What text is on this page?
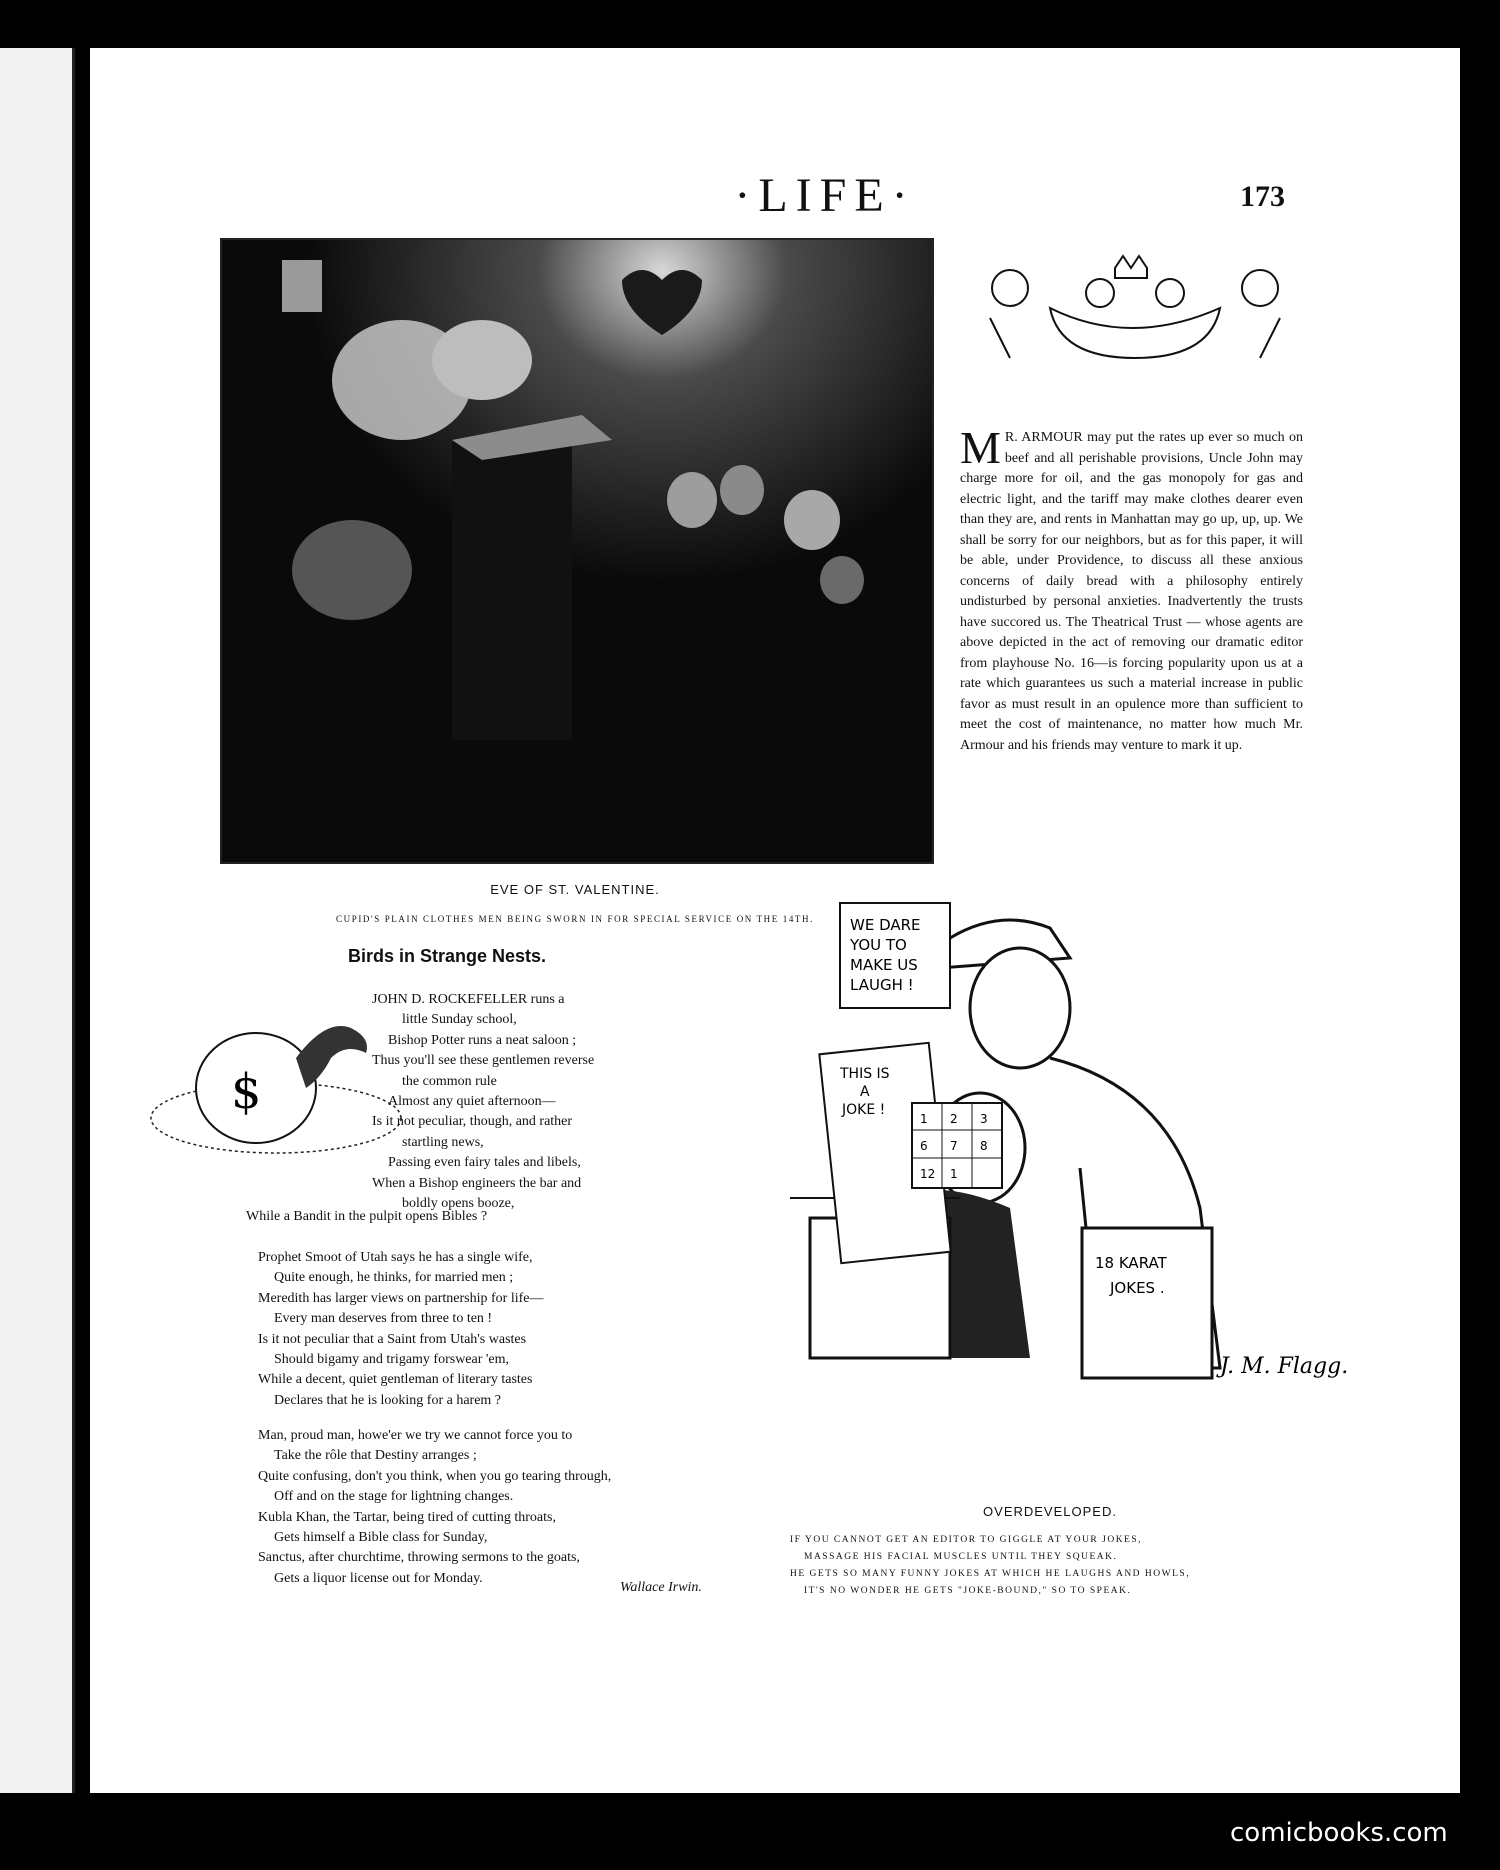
·LIFE·	173
EVE OF ST. VALENTINE.
CUPID'S PLAIN CLOTHES MEN BEING SWORN IN FOR SPECIAL SERVICE ON THE 14TH.
M R. ARMOUR may put the rates up ever so much on beef and all perishable provisions, Uncle John may charge more for oil, and the gas monopoly for gas and electric light, and the tariff may make clothes dearer even than they are, and rents in Manhattan may go up, up, up. We shall be sorry for our neighbors, but as for this paper, it will be able, under Providence, to discuss all these anxious concerns of daily bread with a philosophy entirely undisturbed by personal anxieties. Inadvertently the trusts have succored us. The Theatrical Trust — whose agents are above depicted in the act of removing our dramatic editor from playhouse No. 16—is forcing popularity upon us at a rate which guarantees us such a material increase in public favor as must result in an opulence more than sufficient to meet the cost of maintenance, no matter how much Mr. Armour and his friends may venture to mark it up.
Birds in Strange Nests.
$
JOHN D. ROCKEFELLER runs a
little Sunday school,
Bishop Potter runs a neat saloon ;
Thus you'll see these gentlemen reverse
the common rule
Almost any quiet afternoon—
Is it not peculiar, though, and rather
startling news,
Passing even fairy tales and libels,
When a Bishop engineers the bar and
boldly opens booze,
While a Bandit in the pulpit opens Bibles ?
Prophet Smoot of Utah says he has a single wife,
Quite enough, he thinks, for married men ;
Meredith has larger views on partnership for life—
Every man deserves from three to ten !
Is it not peculiar that a Saint from Utah's wastes
Should bigamy and trigamy forswear 'em,
While a decent, quiet gentleman of literary tastes
Declares that he is looking for a harem ?
Man, proud man, howe'er we try we cannot force you to
Take the rôle that Destiny arranges ;
Quite confusing, don't you think, when you go tearing through,
Off and on the stage for lightning changes.
Kubla Khan, the Tartar, being tired of cutting throats,
Gets himself a Bible class for Sunday,
Sanctus, after churchtime, throwing sermons to the goats,
Gets a liquor license out for Monday.
Wallace Irwin.
WE DARE
YOU TO
MAKE US
LAUGH !
THIS IS
A
JOKE !
1 2 3
6 7 8
12 1
18 KARAT
JOKES .
J. M. Flagg.
OVERDEVELOPED.
IF YOU CANNOT GET AN EDITOR TO GIGGLE AT YOUR JOKES,
MASSAGE HIS FACIAL MUSCLES UNTIL THEY SQUEAK.
HE GETS SO MANY FUNNY JOKES AT WHICH HE LAUGHS AND HOWLS,
IT'S NO WONDER HE GETS "JOKE-BOUND," SO TO SPEAK.
comicbooks.com
